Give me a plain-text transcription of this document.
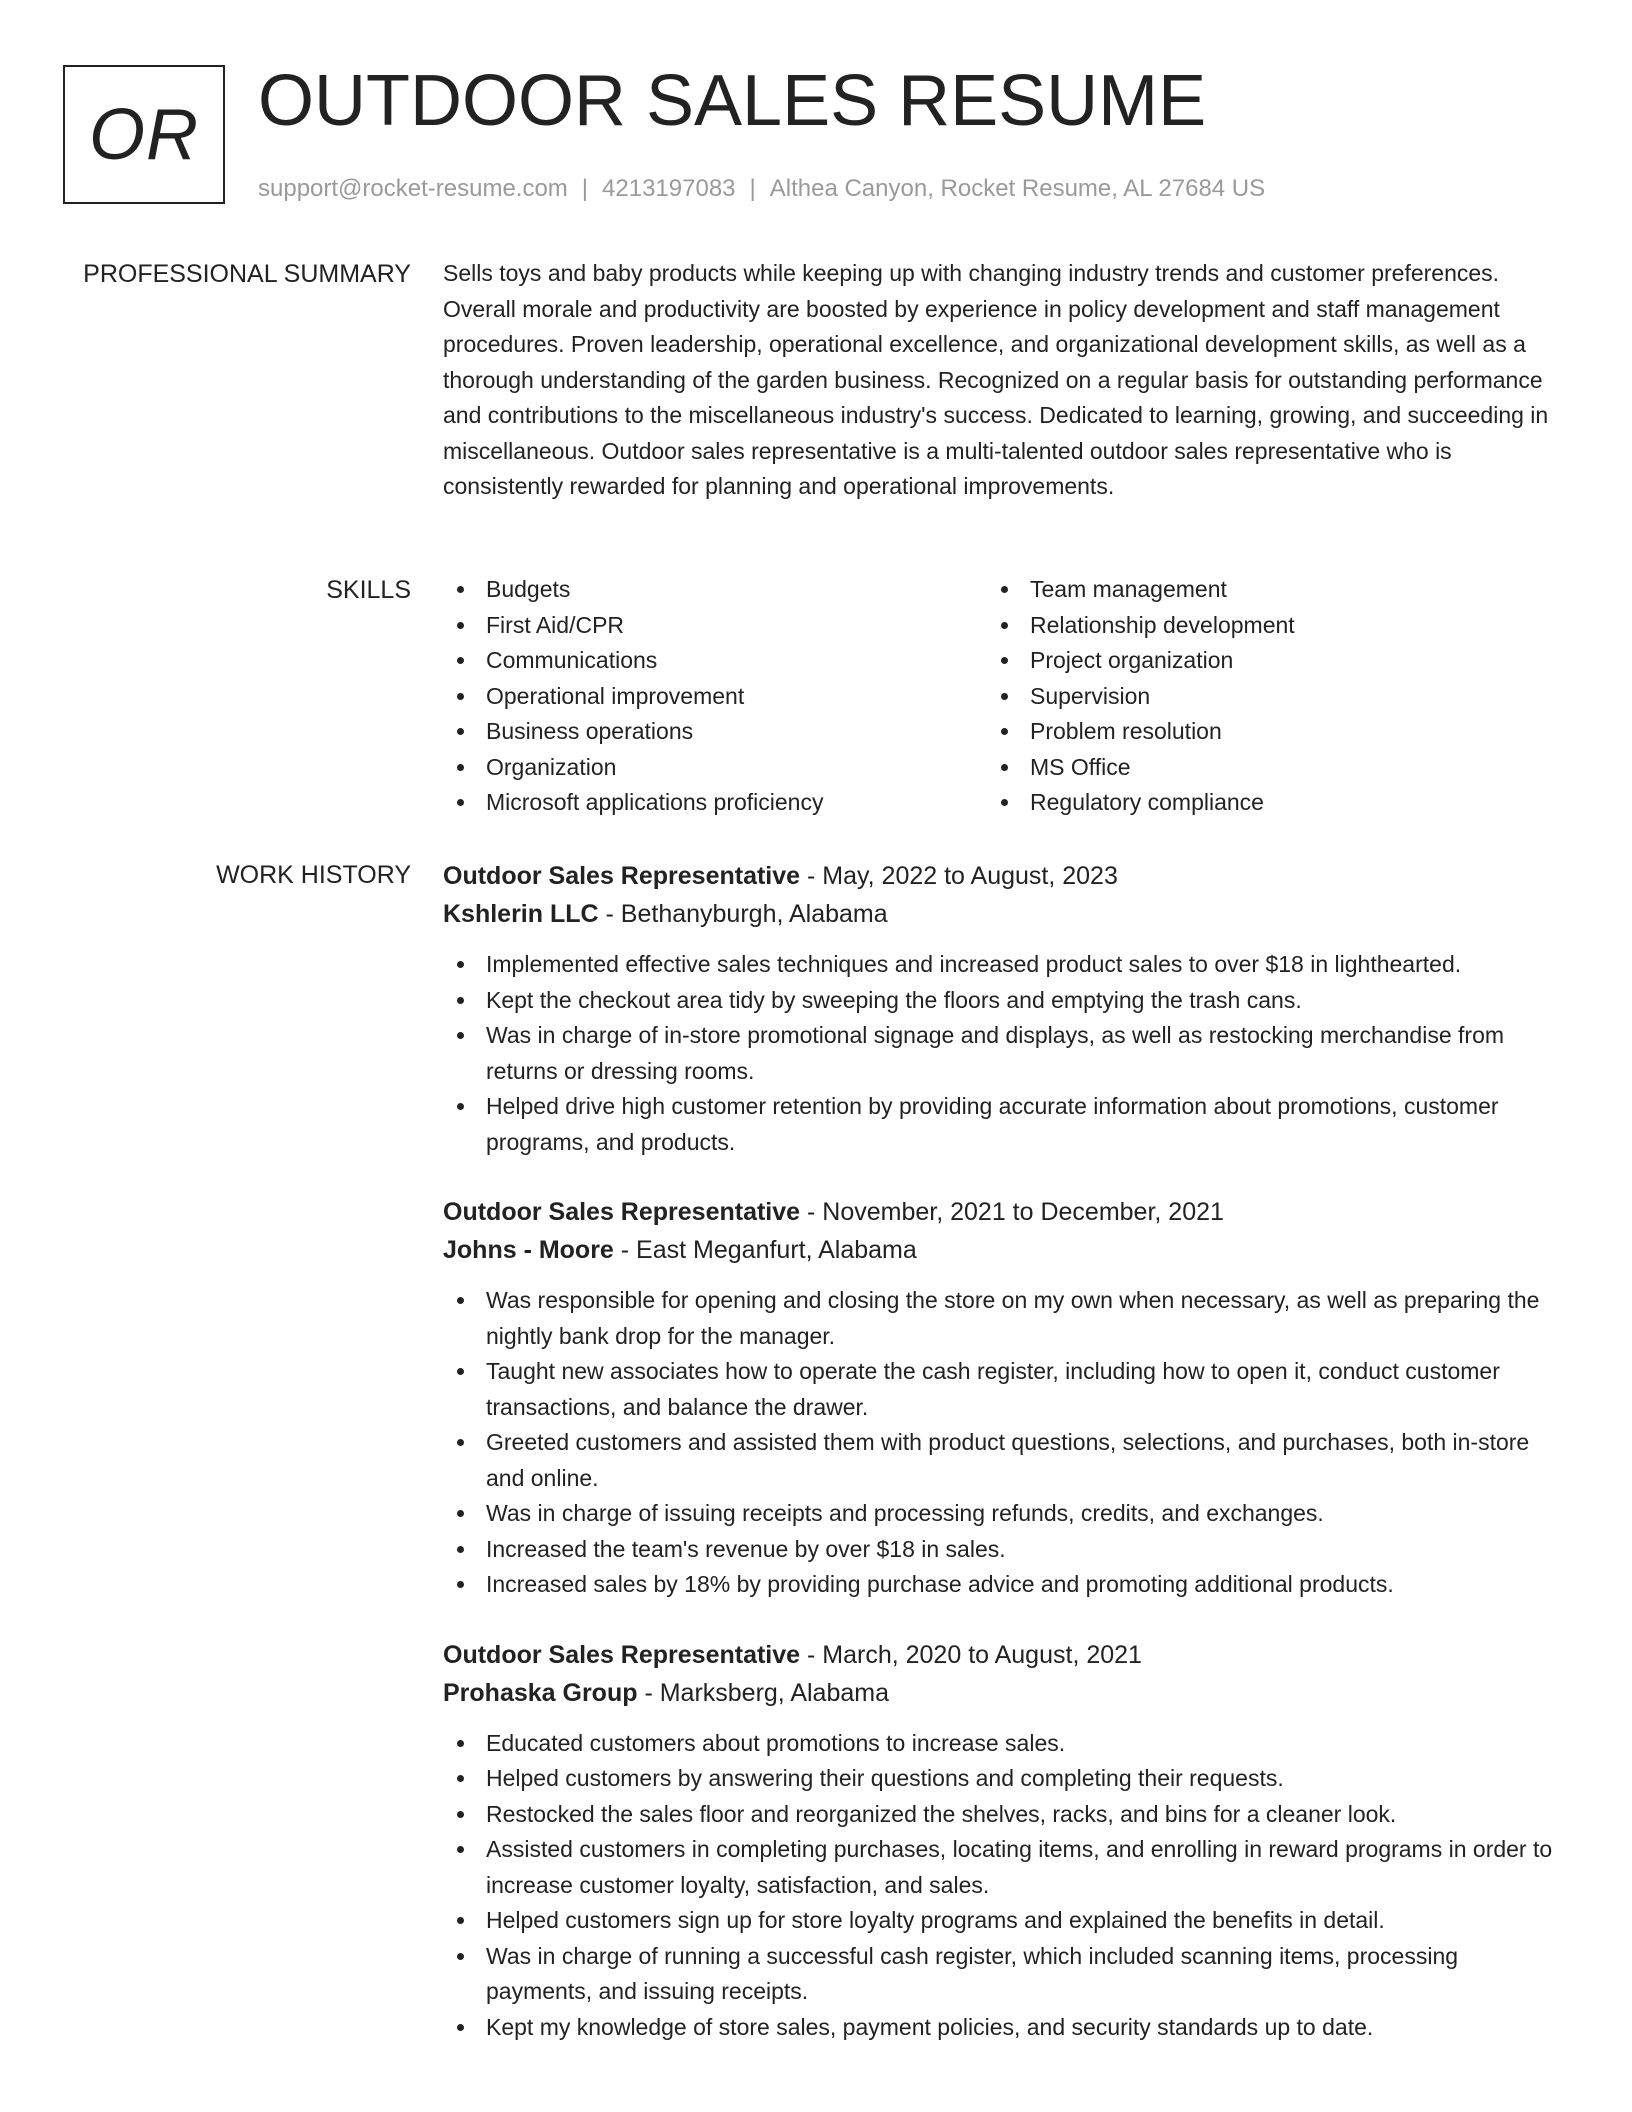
OR OUTDOOR SALES RESUME
support@rocket-resume.com | 4213197083 | Althea Canyon, Rocket Resume, AL 27684 US
PROFESSIONAL SUMMARY Sells toys and baby products while keeping up with changing industry trends and customer preferences. Overall morale and productivity are boosted by experience in policy development and staff management procedures. Proven leadership, operational excellence, and organizational development skills, as well as a thorough understanding of the garden business. Recognized on a regular basis for outstanding performance and contributions to the miscellaneous industry's success. Dedicated to learning, growing, and succeeding in miscellaneous. Outdoor sales representative is a multi-talented outdoor sales representative who is consistently rewarded for planning and operational improvements.

SKILLS	Budgets	Team management
First Aid/CPR	Relationship development
Communications	Project organization
Operational improvement	Supervision
Business operations	Problem resolution
Organization	MS Office
Microsoft applications proficiency	Regulatory compliance
WORK HISTORY Outdoor Sales Representative - May, 2022 to August, 2023
Kshlerin LLC - Bethanyburgh, Alabama
Implemented effective sales techniques and increased product sales to over $18 in lighthearted.
Kept the checkout area tidy by sweeping the floors and emptying the trash cans.
Was in charge of in-store promotional signage and displays, as well as restocking merchandise from returns or dressing rooms.
Helped drive high customer retention by providing accurate information about promotions, customer programs, and products.
Outdoor Sales Representative - November, 2021 to December, 2021
Johns - Moore - East Meganfurt, Alabama
Was responsible for opening and closing the store on my own when necessary, as well as preparing the nightly bank drop for the manager.
Taught new associates how to operate the cash register, including how to open it, conduct customer transactions, and balance the drawer.
Greeted customers and assisted them with product questions, selections, and purchases, both in-store and online.
Was in charge of issuing receipts and processing refunds, credits, and exchanges.
Increased the team's revenue by over $18 in sales.
Increased sales by 18% by providing purchase advice and promoting additional products.
Outdoor Sales Representative - March, 2020 to August, 2021
Prohaska Group - Marksberg, Alabama
Educated customers about promotions to increase sales.
Helped customers by answering their questions and completing their requests.
Restocked the sales floor and reorganized the shelves, racks, and bins for a cleaner look.
Assisted customers in completing purchases, locating items, and enrolling in reward programs in order to increase customer loyalty, satisfaction, and sales.
Helped customers sign up for store loyalty programs and explained the benefits in detail.
Was in charge of running a successful cash register, which included scanning items, processing payments, and issuing receipts.
Kept my knowledge of store sales, payment policies, and security standards up to date.
